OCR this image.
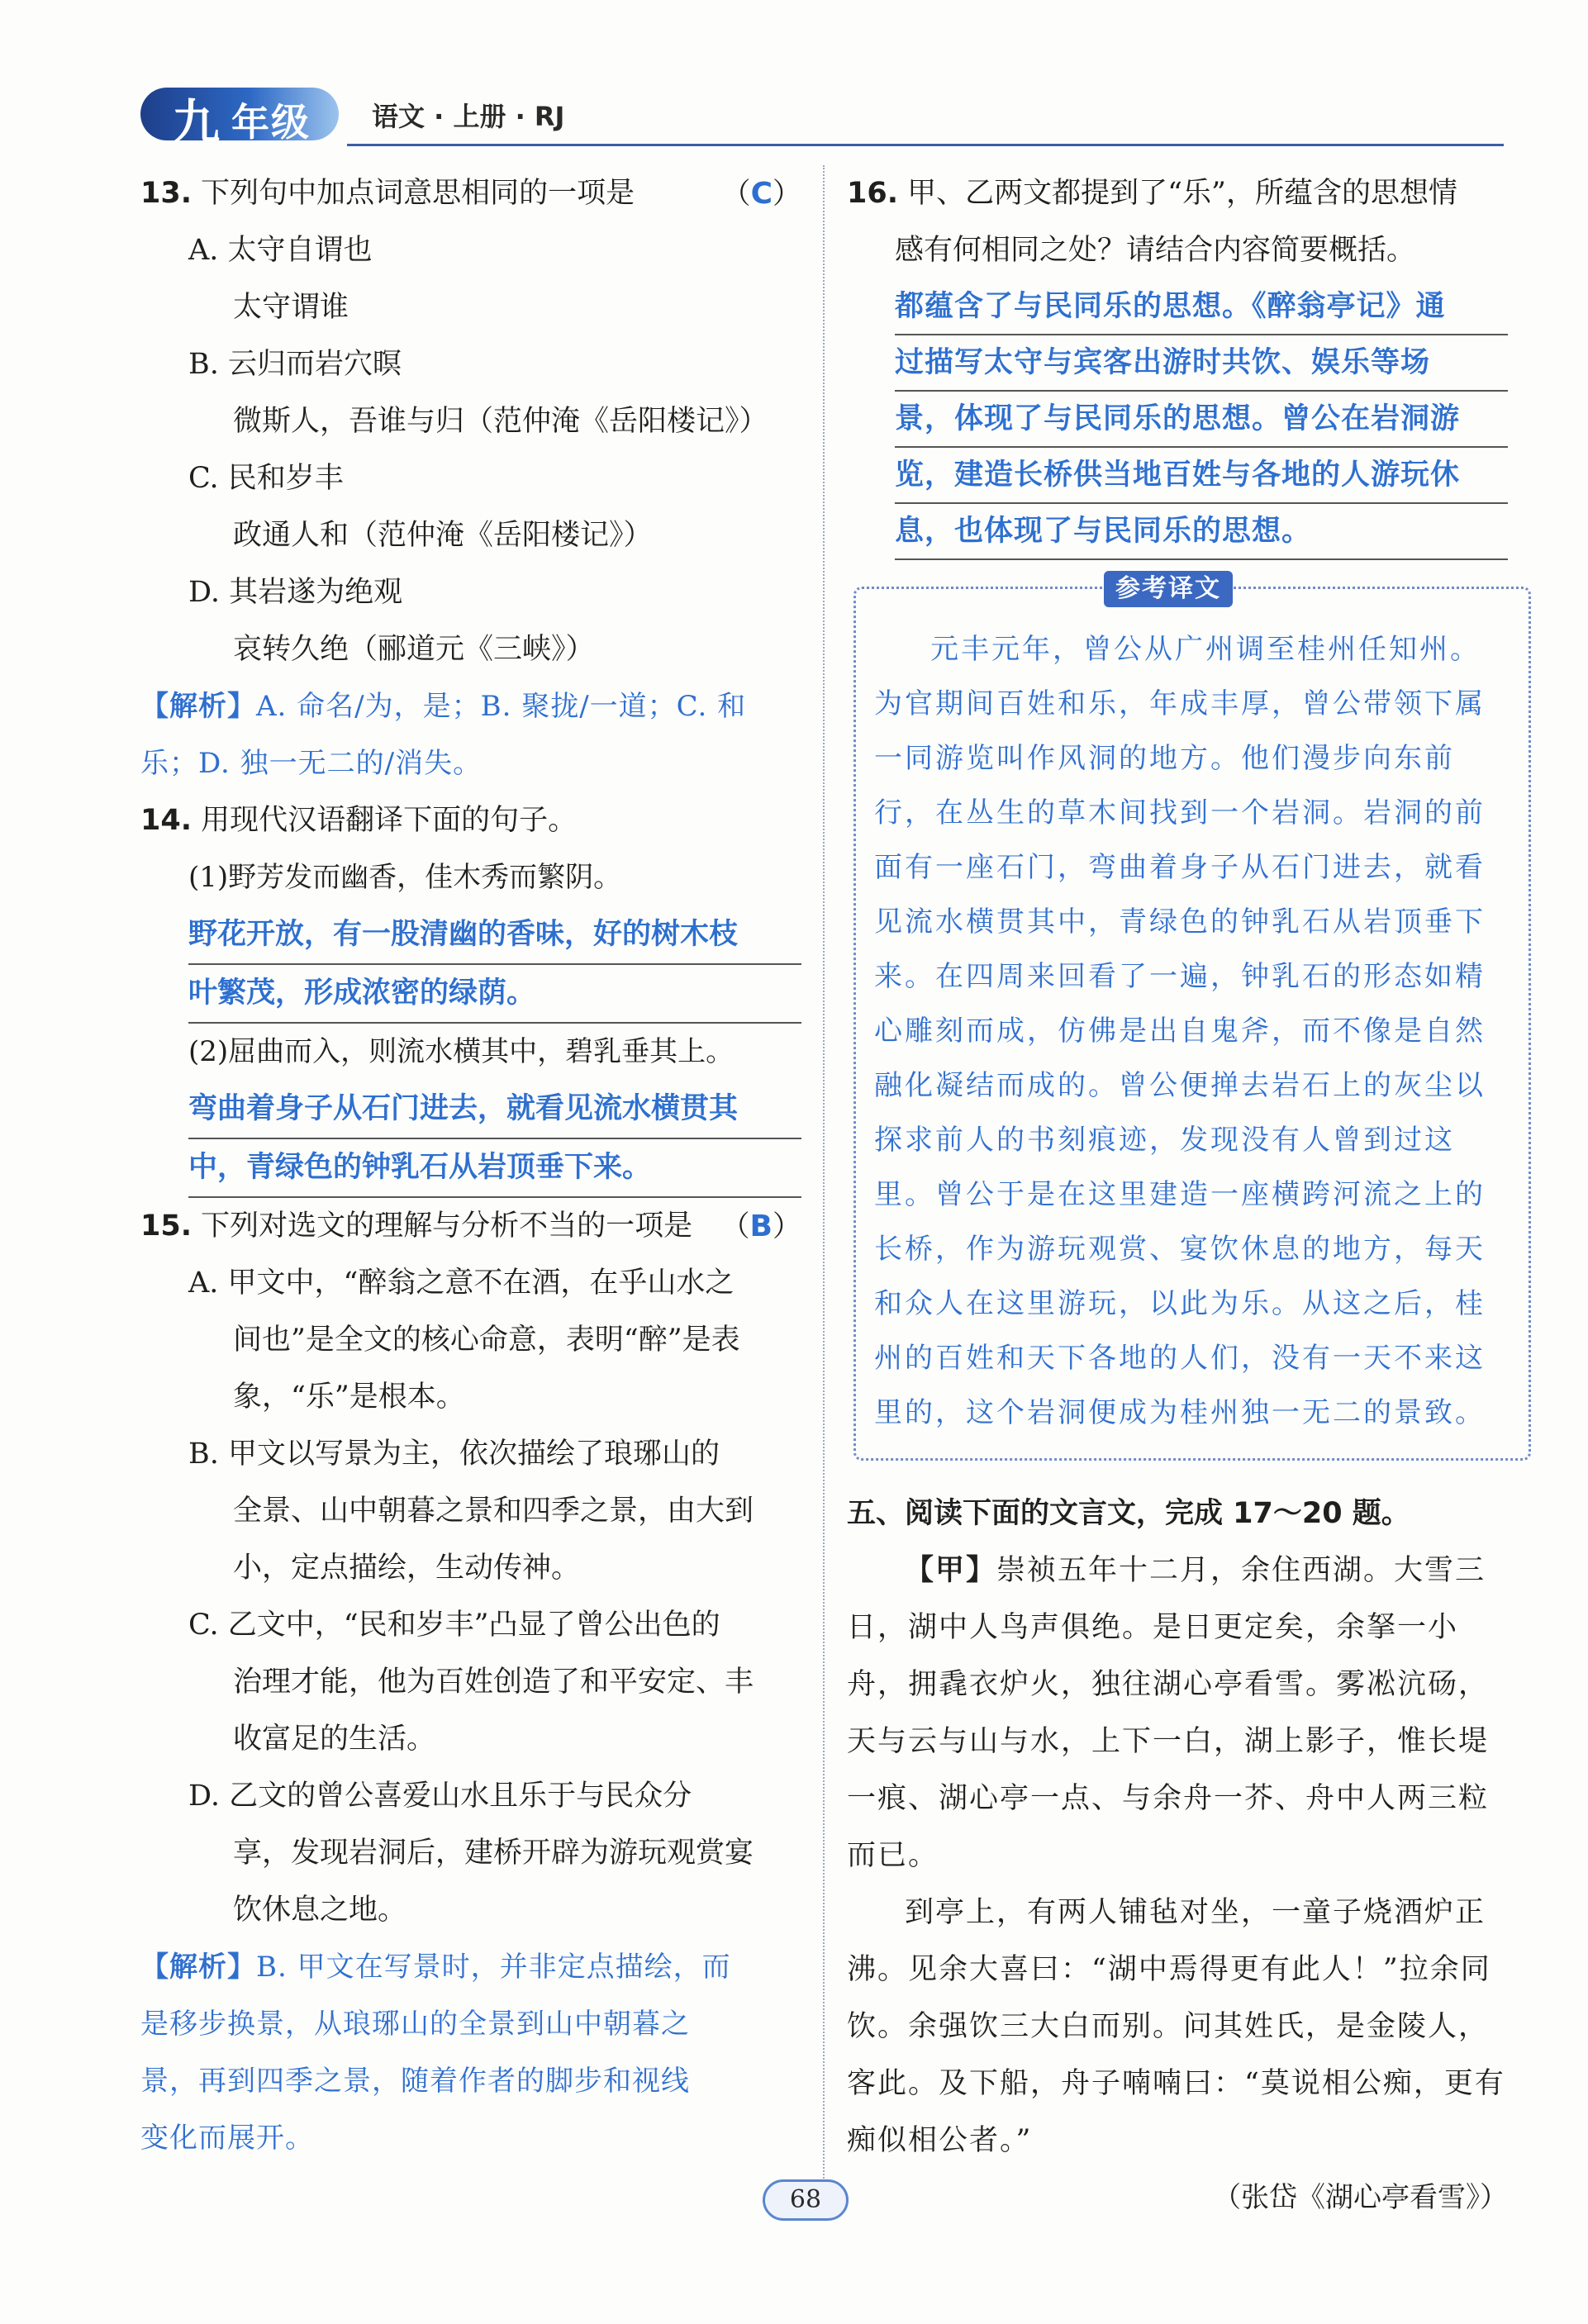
九 年级 语文 · 上册 · RJ

13. 下列句中加点词意思相同的一项是	（C）

A. 太守自谓也

太守谓谁

B. 云归而岩穴暝

微斯人，吾谁与归（范仲淹《岳阳楼记》）

C. 民和岁丰

政通人和（范仲淹《岳阳楼记》）

D. 其岩遂为绝观

哀转久绝（郦道元《三峡》）

【解析】A. 命名/为，是；B. 聚拢/一道；C. 和

乐；D. 独一无二的/消失。

14. 用现代汉语翻译下面的句子。

(1)野芳发而幽香，佳木秀而繁阴。

野花开放，有一股清幽的香味，好的树木枝
叶繁茂，形成浓密的绿荫。

(2)屈曲而入，则流水横其中，碧乳垂其上。

弯曲着身子从石门进去，就看见流水横贯其
中，青绿色的钟乳石从岩顶垂下来。

15. 下列对选文的理解与分析不当的一项是 （B）

A. 甲文中，“醉翁之意不在酒，在乎山水之

间也”是全文的核心命意，表明“醉”是表

象，“乐”是根本。

B. 甲文以写景为主，依次描绘了琅琊山的

全景、山中朝暮之景和四季之景，由大到

小，定点描绘，生动传神。

C. 乙文中，“民和岁丰”凸显了曾公出色的

治理才能，他为百姓创造了和平安定、丰

收富足的生活。

D. 乙文的曾公喜爱山水且乐于与民众分

享，发现岩洞后，建桥开辟为游玩观赏宴

饮休息之地。

【解析】B. 甲文在写景时，并非定点描绘，而

是移步换景，从琅琊山的全景到山中朝暮之

景，再到四季之景，随着作者的脚步和视线

变化而展开。

16. 甲、乙两文都提到了“乐”，所蕴含的思想情

感有何相同之处？请结合内容简要概括。

都蕴含了与民同乐的思想。《醉翁亭记》通
过描写太守与宾客出游时共饮、娱乐等场
景，体现了与民同乐的思想。曾公在岩洞游
览，建造长桥供当地百姓与各地的人游玩休
息，也体现了与民同乐的思想。
参考译文

元丰元年，曾公从广州调至桂州任知州。为官期间百姓和乐，年成丰厚，曾公带领下属一同游览叫作风洞的地方。他们漫步向东前行，在丛生的草木间找到一个岩洞。岩洞的前面有一座石门，弯曲着身子从石门进去，就看见流水横贯其中，青绿色的钟乳石从岩顶垂下来。在四周来回看了一遍，钟乳石的形态如精心雕刻而成，仿佛是出自鬼斧，而不像是自然融化凝结而成的。曾公便掸去岩石上的灰尘以探求前人的书刻痕迹，发现没有人曾到过这里。曾公于是在这里建造一座横跨河流之上的长桥，作为游玩观赏、宴饮休息的地方，每天和众人在这里游玩，以此为乐。从这之后，桂州的百姓和天下各地的人们，没有一天不来这里的，这个岩洞便成为桂州独一无二的景致。

五、阅读下面的文言文，完成 17～20 题。

【甲】崇祯五年十二月，余住西湖。大雪三日，湖中人鸟声俱绝。是日更定矣，余拏一小舟，拥毳衣炉火，独往湖心亭看雪。雾凇沆砀，天与云与山与水，上下一白，湖上影子，惟长堤一痕、湖心亭一点、与余舟一芥、舟中人两三粒而已。

到亭上，有两人铺毡对坐，一童子烧酒炉正沸。见余大喜曰：“湖中焉得更有此人！”拉余同饮。余强饮三大白而别。问其姓氏，是金陵人，客此。及下船，舟子喃喃曰：“莫说相公痴，更有痴似相公者。”

（张岱《湖心亭看雪》）

68
